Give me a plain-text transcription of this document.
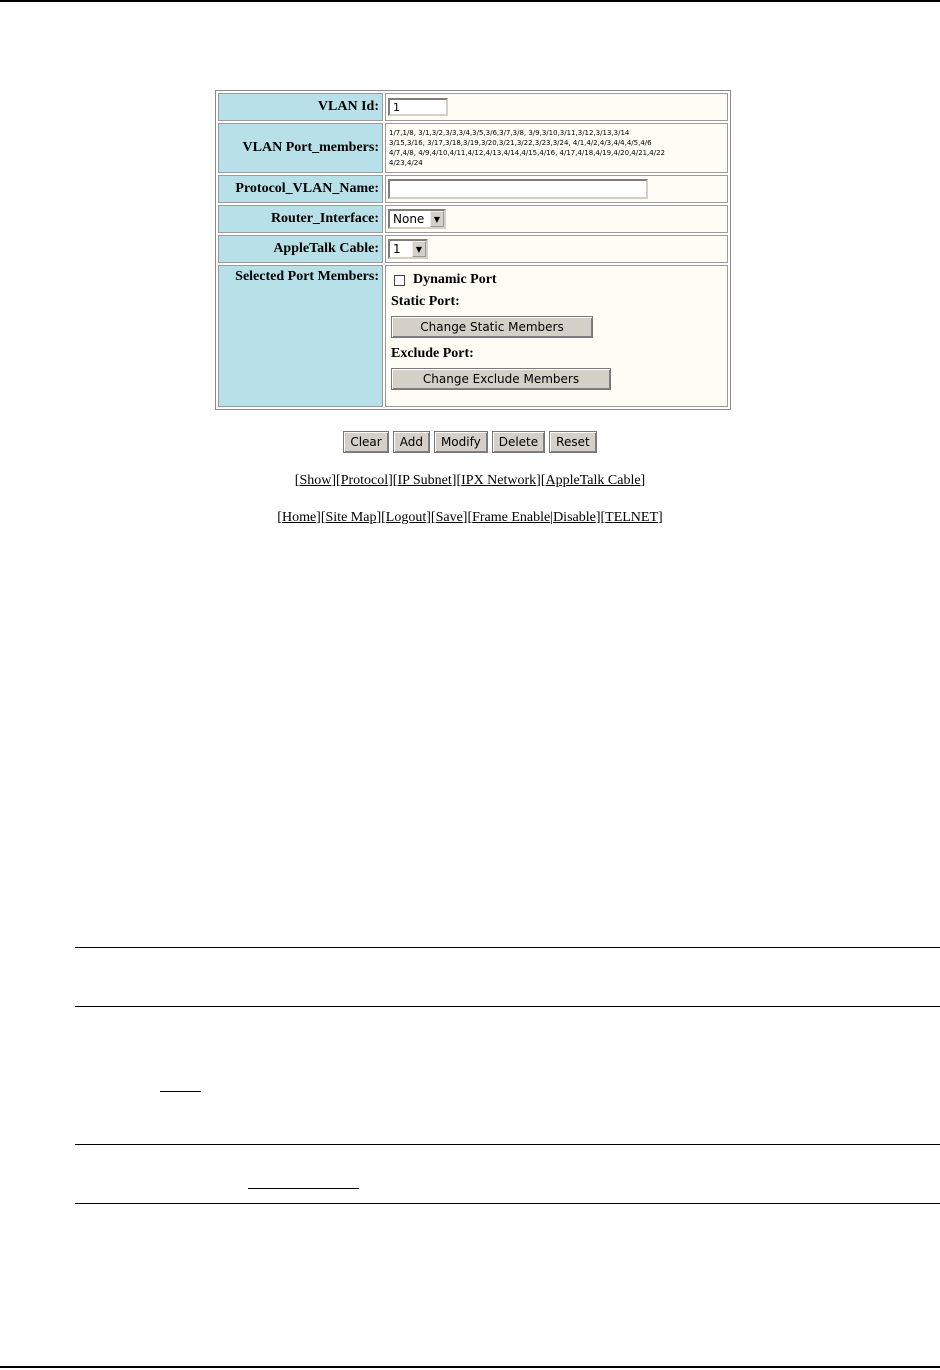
VLAN Id:	1

VLAN Port_members:	1/7,1/8, 3/1,3/2,3/3,3/4,3/5,3/6,3/7,3/8, 3/9,3/10,3/11,3/12,3/13,3/14
3/15,3/16, 3/17,3/18,3/19,3/20,3/21,3/22,3/23,3/24, 4/1,4/2,4/3,4/4,4/5,4/6
4/7,4/8, 4/9,4/10,4/11,4/12,4/13,4/14,4/15,4/16, 4/17,4/18,4/19,4/20,4/21,4/22
4/23,4/24

Protocol_VLAN_Name:	

Router_Interface:	None ▼

AppleTalk Cable:	1 ▼

Selected Port Members:	Dynamic Port
Static Port:
Change Static Members
Exclude Port:
Change Exclude Members
Clear Add Modify Delete Reset
[Show][Protocol][IP Subnet][IPX Network][AppleTalk Cable]
[Home][Site Map][Logout][Save][Frame Enable|Disable][TELNET]
